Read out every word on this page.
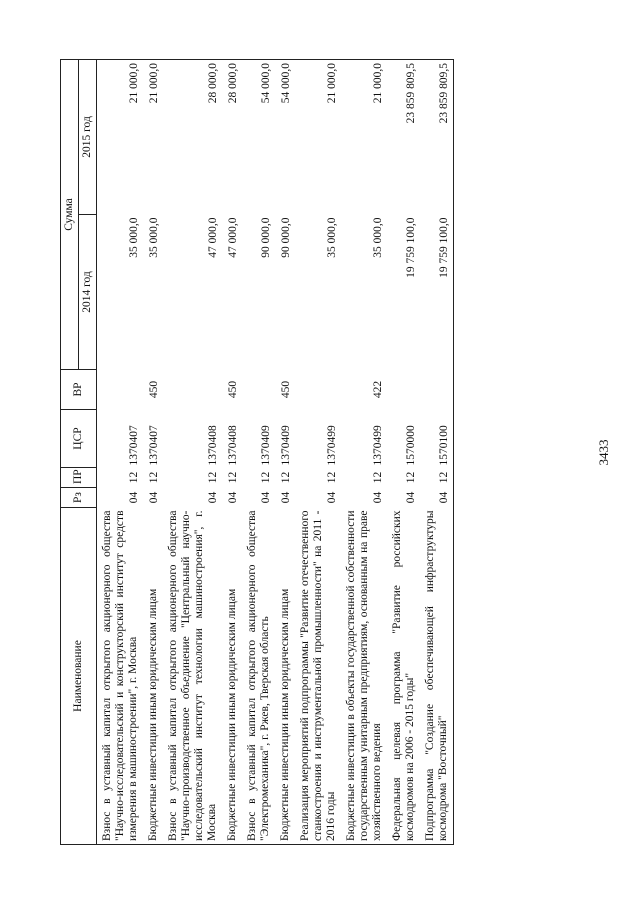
3433
Наименование	Рз	ПР	ЦСР	ВР	Сумма	
					2014 год	2015 год
Взнос в уставный капитал открытого акционерного общества "Научно-исследовательский и конструкторский институт средств измерения в машиностроении", г. Москва	04	12	1370407		35 000,0	21 000,0
Бюджетные инвестиции иным юридическим лицам	04	12	1370407	450	35 000,0	21 000,0
Взнос в уставный капитал открытого акционерного общества "Научно-производственное объединение "Центральный научно-исследовательский институт технологии машиностроения", г. Москва	04	12	1370408		47 000,0	28 000,0
Бюджетные инвестиции иным юридическим лицам	04	12	1370408	450	47 000,0	28 000,0
Взнос в уставный капитал открытого акционерного общества "Электромеханика", г. Ржев, Тверская область	04	12	1370409		90 000,0	54 000,0
Бюджетные инвестиции иным юридическим лицам	04	12	1370409	450	90 000,0	54 000,0
Реализация мероприятий подпрограммы "Развитие отечественного станкостроения и инструментальной промышленности" на 2011 - 2016 годы	04	12	1370499		35 000,0	21 000,0
Бюджетные инвестиции в объекты государственной собственности государственным унитарным предприятиям, основанным на праве хозяйственного ведения	04	12	1370499	422	35 000,0	21 000,0
Федеральная целевая программа "Развитие российских космодромов на 2006 - 2015 годы"	04	12	1570000		19 759 100,0	23 859 809,5
Подпрограмма "Создание обеспечивающей инфраструктуры космодрома "Восточный"	04	12	1570100		19 759 100,0	23 859 809,5
